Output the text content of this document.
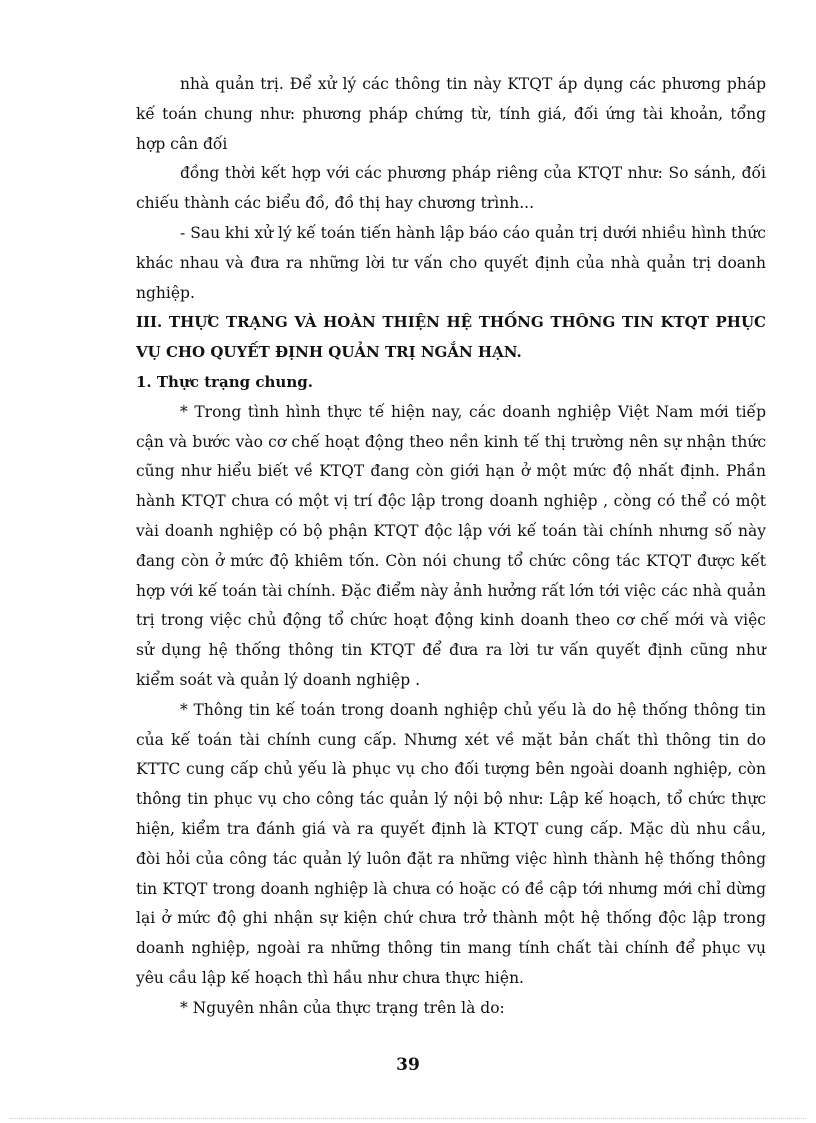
nhà quản trị. Để xử lý các thông tin này KTQT áp dụng các phương pháp kế toán chung như: phương pháp chứng từ, tính giá, đối ứng tài khoản, tổng hợp cân đối

đồng thời kết hợp với các phương pháp riêng của KTQT như: So sánh, đối chiếu thành các biểu đồ, đồ thị hay chương trình...

- Sau khi xử lý kế toán tiến hành lập báo cáo quản trị dưới nhiều hình thức khác nhau và đưa ra những lời tư vấn cho quyết định của nhà quản trị doanh nghiệp.

III. THỰC TRẠNG VÀ HOÀN THIỆN HỆ THỐNG THÔNG TIN KTQT PHỤC VỤ CHO QUYẾT ĐỊNH QUẢN TRỊ NGẮN HẠN.

1. Thực trạng chung.

* Trong tình hình thực tế hiện nay, các doanh nghiệp Việt Nam mới tiếp cận và bước vào cơ chế hoạt động theo nền kinh tế thị trường nên sự nhận thức cũng như hiểu biết về KTQT đang còn giới hạn ở một mức độ nhất định. Phần hành KTQT chưa có một vị trí độc lập trong doanh nghiệp , còng có thể có một vài doanh nghiệp có bộ phận KTQT độc lập với kế toán tài chính nhưng số này đang còn ở mức độ khiêm tốn. Còn nói chung tổ chức công tác KTQT được kết hợp với kế toán tài chính. Đặc điểm này ảnh hưởng rất lớn tới việc các nhà quản trị trong việc chủ động tổ chức hoạt động kinh doanh theo cơ chế mới và việc sử dụng hệ thống thông tin KTQT để đưa ra lời tư vấn quyết định cũng như kiểm soát và quản lý doanh nghiệp .

* Thông tin kế toán trong doanh nghiệp chủ yếu là do hệ thống thông tin của kế toán tài chính cung cấp. Nhưng xét về mặt bản chất thì thông tin do KTTC cung cấp chủ yếu là phục vụ cho đối tượng bên ngoài doanh nghiệp, còn thông tin phục vụ cho công tác quản lý nội bộ như: Lập kế hoạch, tổ chức thực hiện, kiểm tra đánh giá và ra quyết định là KTQT cung cấp. Mặc dù nhu cầu, đòi hỏi của công tác quản lý luôn đặt ra những việc hình thành hệ thống thông tin KTQT trong doanh nghiệp là chưa có hoặc có đề cập tới nhưng mới chỉ dừng lại ở mức độ ghi nhận sự kiện chứ chưa trở thành một hệ thống độc lập trong doanh nghiệp, ngoài ra những thông tin mang tính chất tài chính để phục vụ yêu cầu lập kế hoạch thì hầu như chưa thực hiện.

* Nguyên nhân của thực trạng trên là do:

39
